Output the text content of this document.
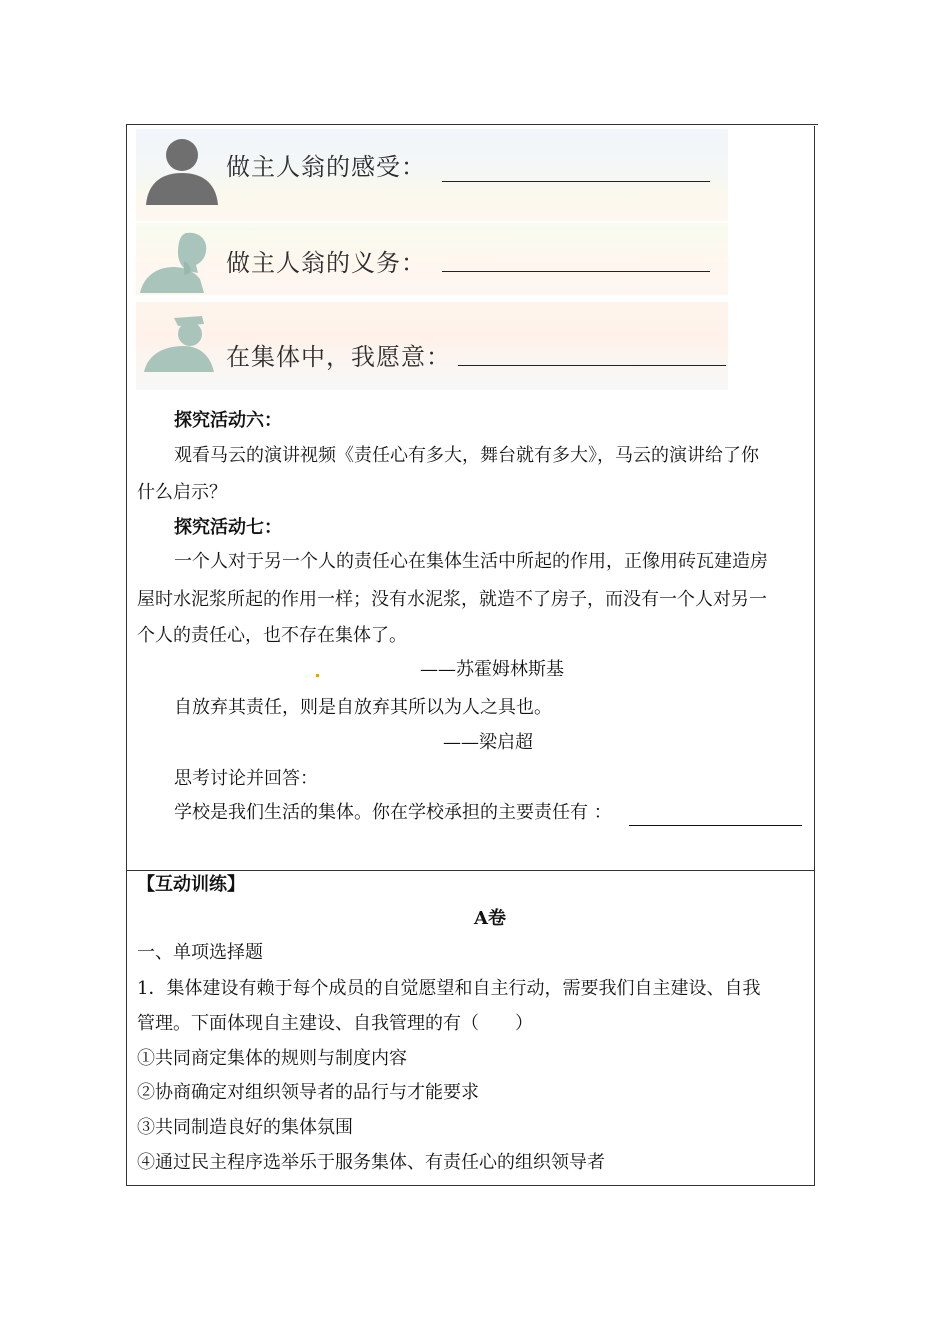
做主人翁的感受：
做主人翁的义务：
在集体中，我愿意：
探究活动六：
观看马云的演讲视频《责任心有多大，舞台就有多大》，马云的演讲给了你
什么启示？
探究活动七：
一个人对于另一个人的责任心在集体生活中所起的作用，正像用砖瓦建造房
屋时水泥浆所起的作用一样；没有水泥浆，就造不了房子，而没有一个人对另一
个人的责任心，也不存在集体了。
——苏霍姆林斯基
自放弃其责任，则是自放弃其所以为人之具也。
——梁启超
思考讨论并回答：
学校是我们生活的集体。你在学校承担的主要责任有 ：
【互动训练】
A卷
一、单项选择题
1．集体建设有赖于每个成员的自觉愿望和自主行动，需要我们自主建设、自我
管理。下面体现自主建设、自我管理的有（　　）
①共同商定集体的规则与制度内容
②协商确定对组织领导者的品行与才能要求
③共同制造良好的集体氛围
④通过民主程序选举乐于服务集体、有责任心的组织领导者
